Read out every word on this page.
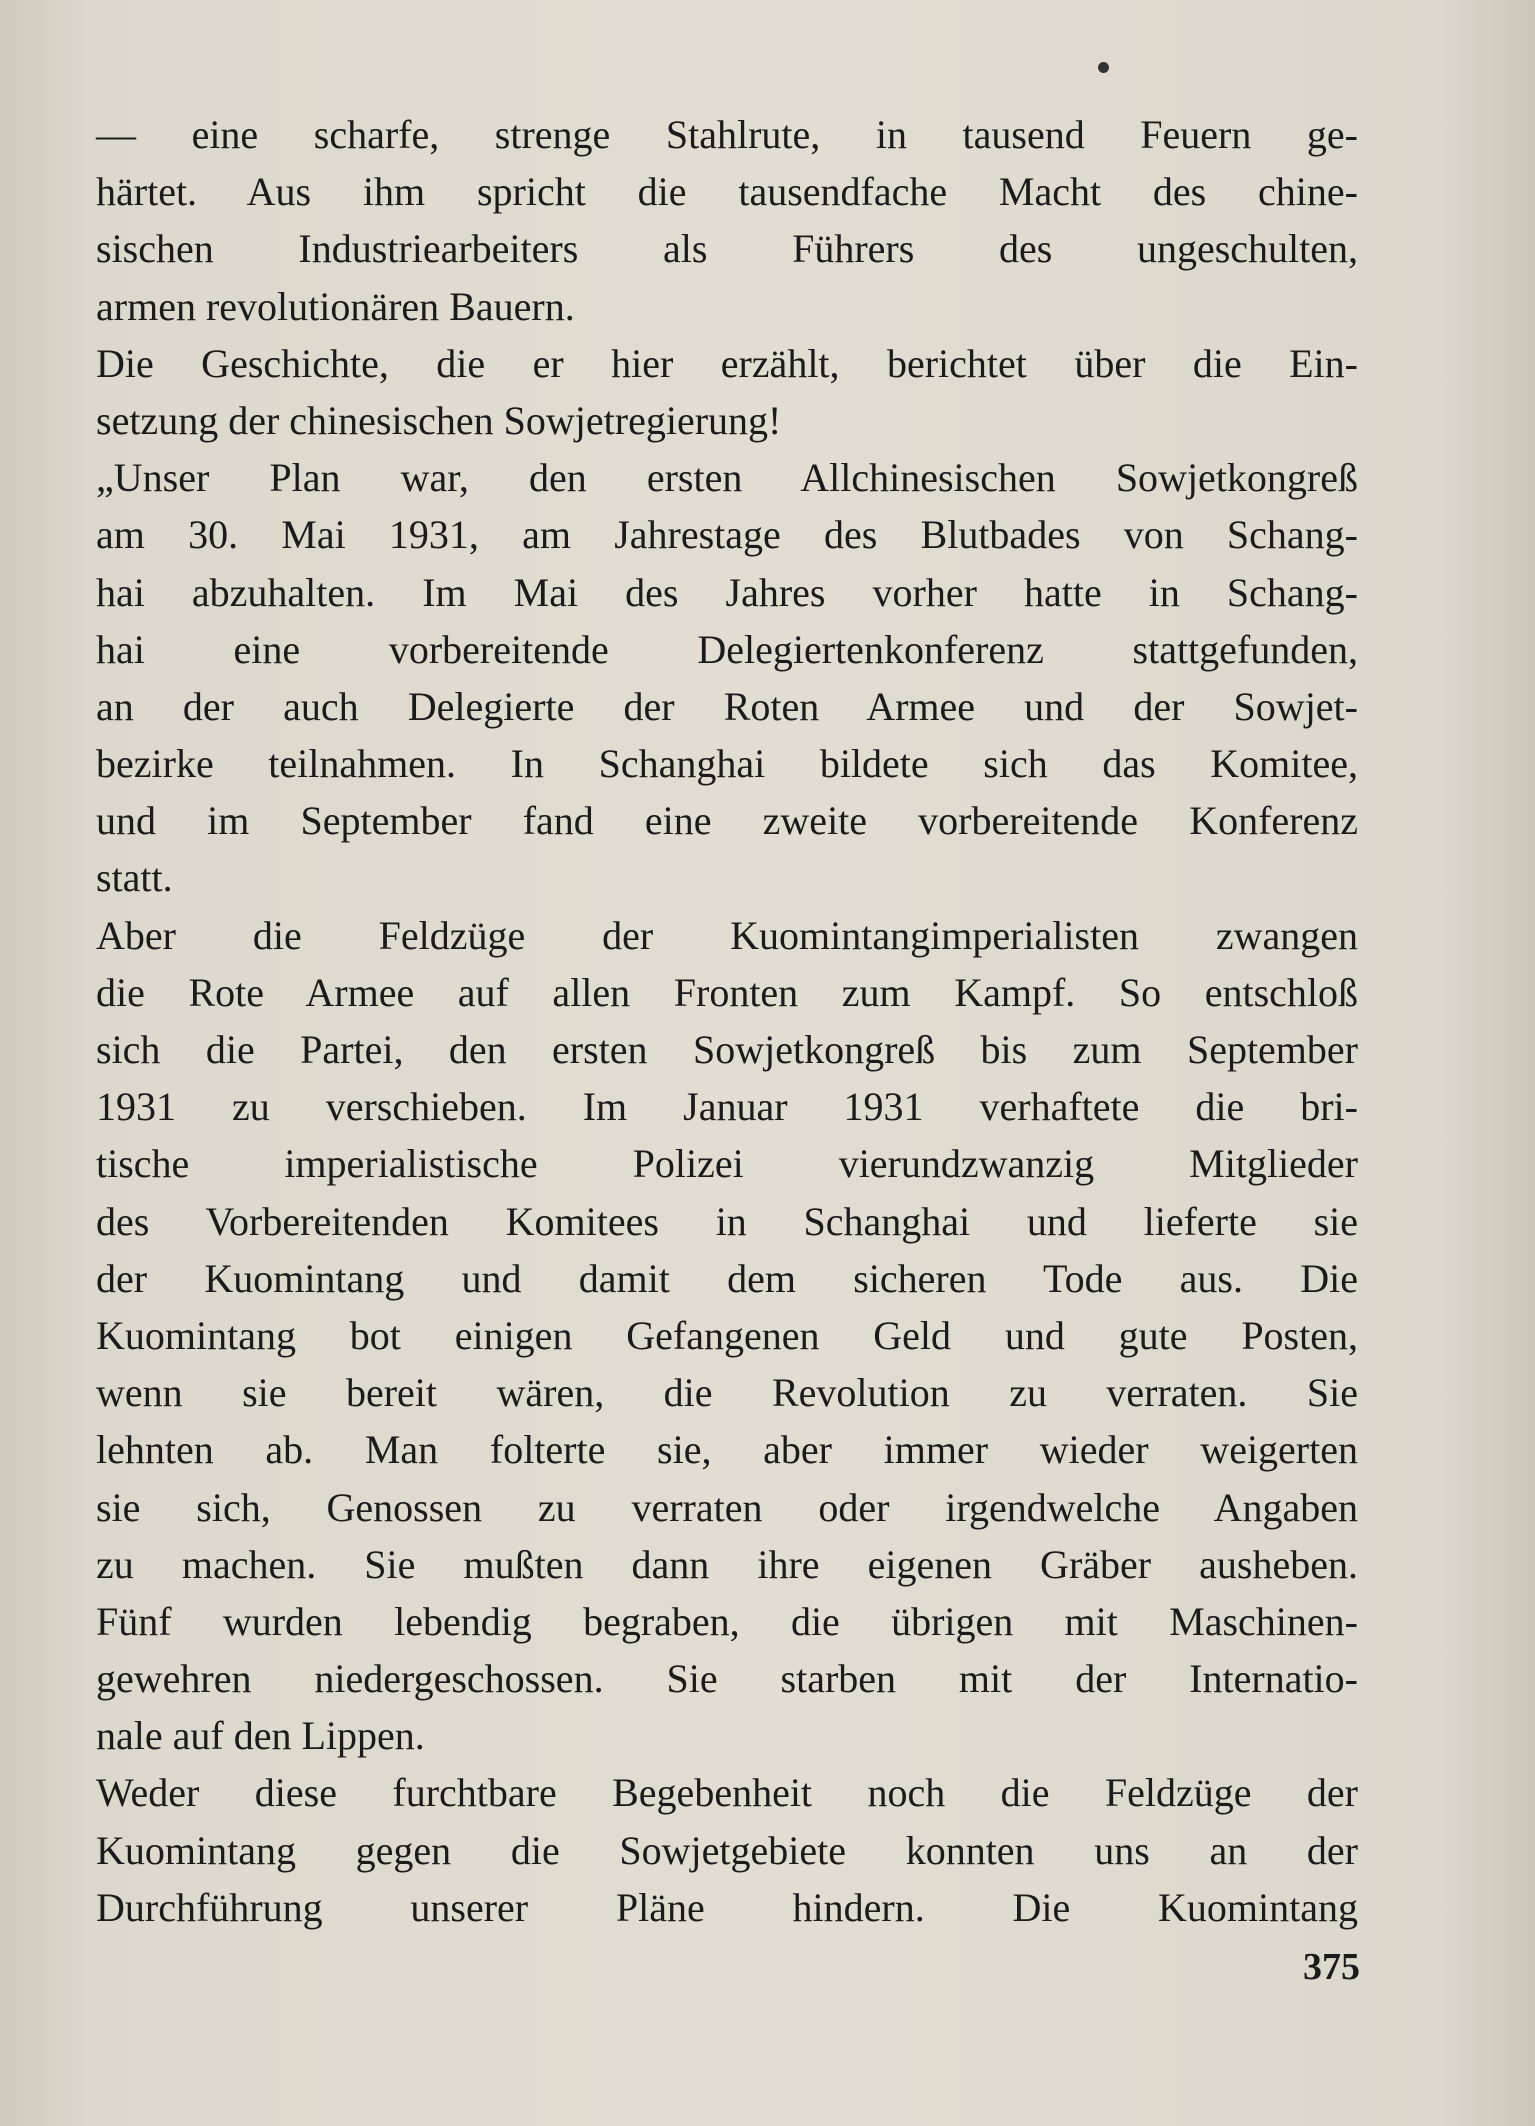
— eine scharfe, strenge Stahlrute, in tausend Feuern ge-
härtet. Aus ihm spricht die tausendfache Macht des chine-
sischen Industriearbeiters als Führers des ungeschulten,
armen revolutionären Bauern.
Die Geschichte, die er hier erzählt, berichtet über die Ein-
setzung der chinesischen Sowjetregierung!
„Unser Plan war, den ersten Allchinesischen Sowjetkongreß
am 30. Mai 1931, am Jahrestage des Blutbades von Schang-
hai abzuhalten. Im Mai des Jahres vorher hatte in Schang-
hai eine vorbereitende Delegiertenkonferenz stattgefunden,
an der auch Delegierte der Roten Armee und der Sowjet-
bezirke teilnahmen. In Schanghai bildete sich das Komitee,
und im September fand eine zweite vorbereitende Konferenz
statt.
Aber die Feldzüge der Kuomintangimperialisten zwangen
die Rote Armee auf allen Fronten zum Kampf. So entschloß
sich die Partei, den ersten Sowjetkongreß bis zum September
1931 zu verschieben. Im Januar 1931 verhaftete die bri-
tische imperialistische Polizei vierundzwanzig Mitglieder
des Vorbereitenden Komitees in Schanghai und lieferte sie
der Kuomintang und damit dem sicheren Tode aus. Die
Kuomintang bot einigen Gefangenen Geld und gute Posten,
wenn sie bereit wären, die Revolution zu verraten. Sie
lehnten ab. Man folterte sie, aber immer wieder weigerten
sie sich, Genossen zu verraten oder irgendwelche Angaben
zu machen. Sie mußten dann ihre eigenen Gräber ausheben.
Fünf wurden lebendig begraben, die übrigen mit Maschinen-
gewehren niedergeschossen. Sie starben mit der Internatio-
nale auf den Lippen.
Weder diese furchtbare Begebenheit noch die Feldzüge der
Kuomintang gegen die Sowjetgebiete konnten uns an der
Durchführung unserer Pläne hindern. Die Kuomintang
375
